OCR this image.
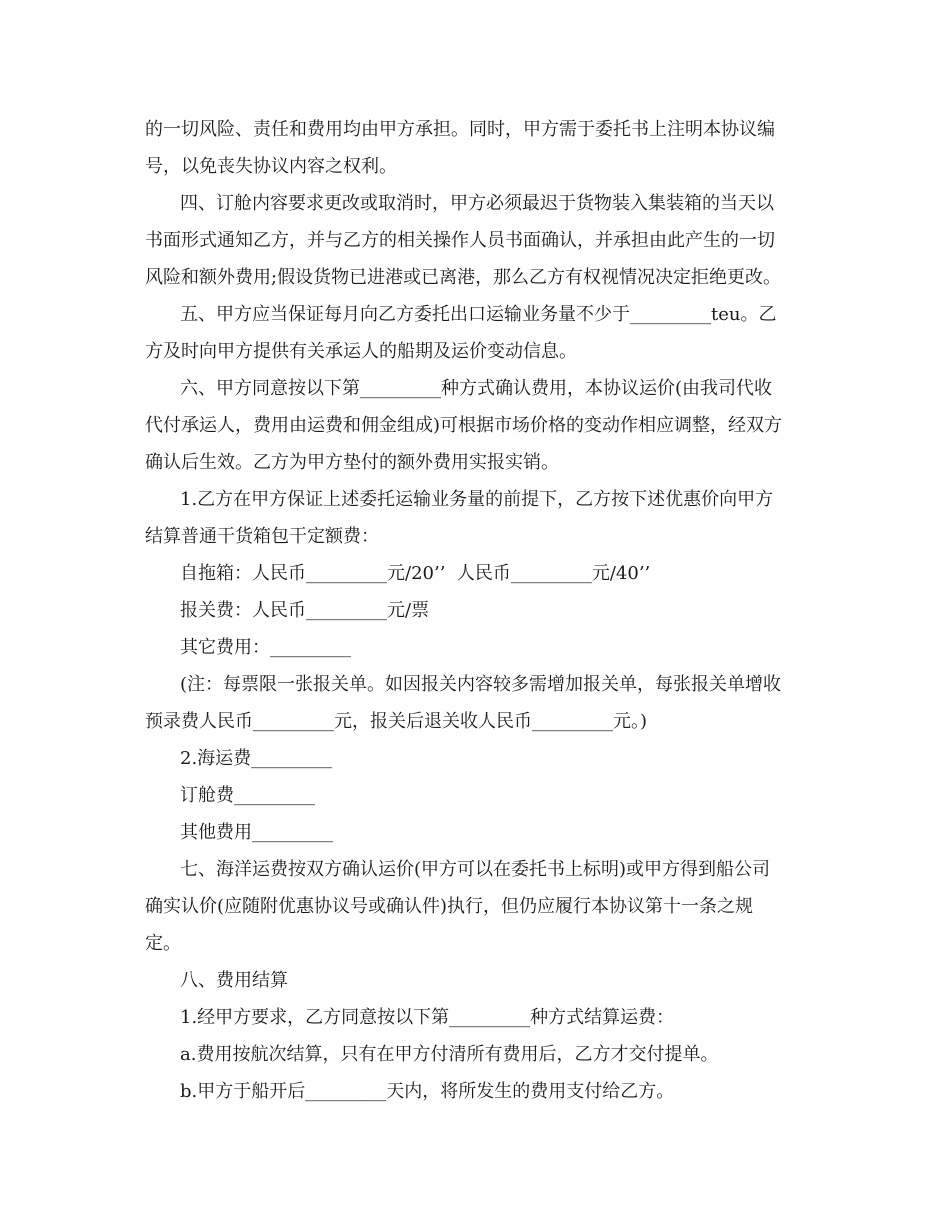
的一切风险、责任和费用均由甲方承担。同时，甲方需于委托书上注明本协议编
号，以免丧失协议内容之权利。
四、订舱内容要求更改或取消时，甲方必须最迟于货物装入集装箱的当天以
书面形式通知乙方，并与乙方的相关操作人员书面确认，并承担由此产生的一切
风险和额外费用;假设货物已进港或已离港，那么乙方有权视情况决定拒绝更改。
五、甲方应当保证每月向乙方委托出口运输业务量不少于_________teu。乙
方及时向甲方提供有关承运人的船期及运价变动信息。
六、甲方同意按以下第_________种方式确认费用，本协议运价(由我司代收
代付承运人，费用由运费和佣金组成)可根据市场价格的变动作相应调整，经双方
确认后生效。乙方为甲方垫付的额外费用实报实销。
1.乙方在甲方保证上述委托运输业务量的前提下，乙方按下述优惠价向甲方
结算普通干货箱包干定额费：
自拖箱：人民币_________元/20’’  人民币_________元/40’’
报关费：人民币_________元/票
其它费用：_________
(注：每票限一张报关单。如因报关内容较多需增加报关单，每张报关单增收
预录费人民币_________元，报关后退关收人民币_________元。)
2.海运费_________
订舱费_________
其他费用_________
七、海洋运费按双方确认运价(甲方可以在委托书上标明)或甲方得到船公司
确实认价(应随附优惠协议号或确认件)执行，但仍应履行本协议第十一条之规
定。
八、费用结算
1.经甲方要求，乙方同意按以下第_________种方式结算运费：
a.费用按航次结算，只有在甲方付清所有费用后，乙方才交付提单。
b.甲方于船开后_________天内，将所发生的费用支付给乙方。
